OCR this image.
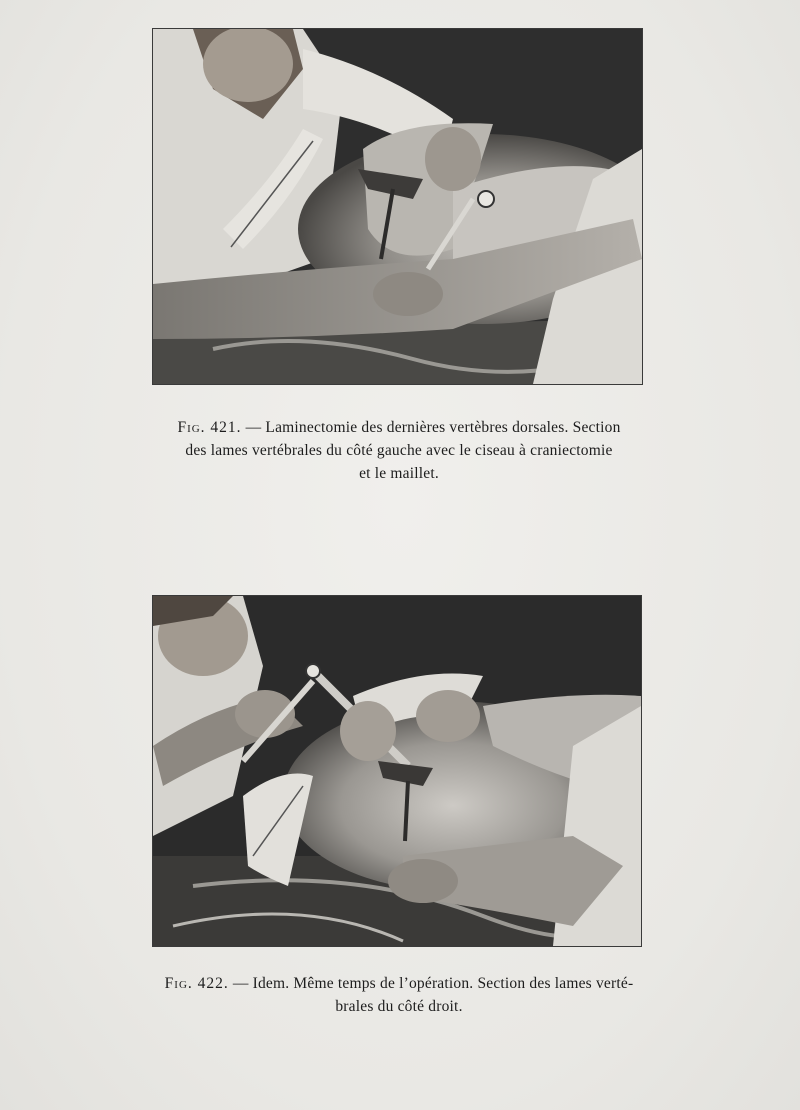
Fig. 421. — Laminectomie des dernières vertèbres dorsales. Section
des lames vertébrales du côté gauche avec le ciseau à craniectomie
et le maillet.
Fig. 422. — Idem. Même temps de l’opération. Section des lames verté-
brales du côté droit.
